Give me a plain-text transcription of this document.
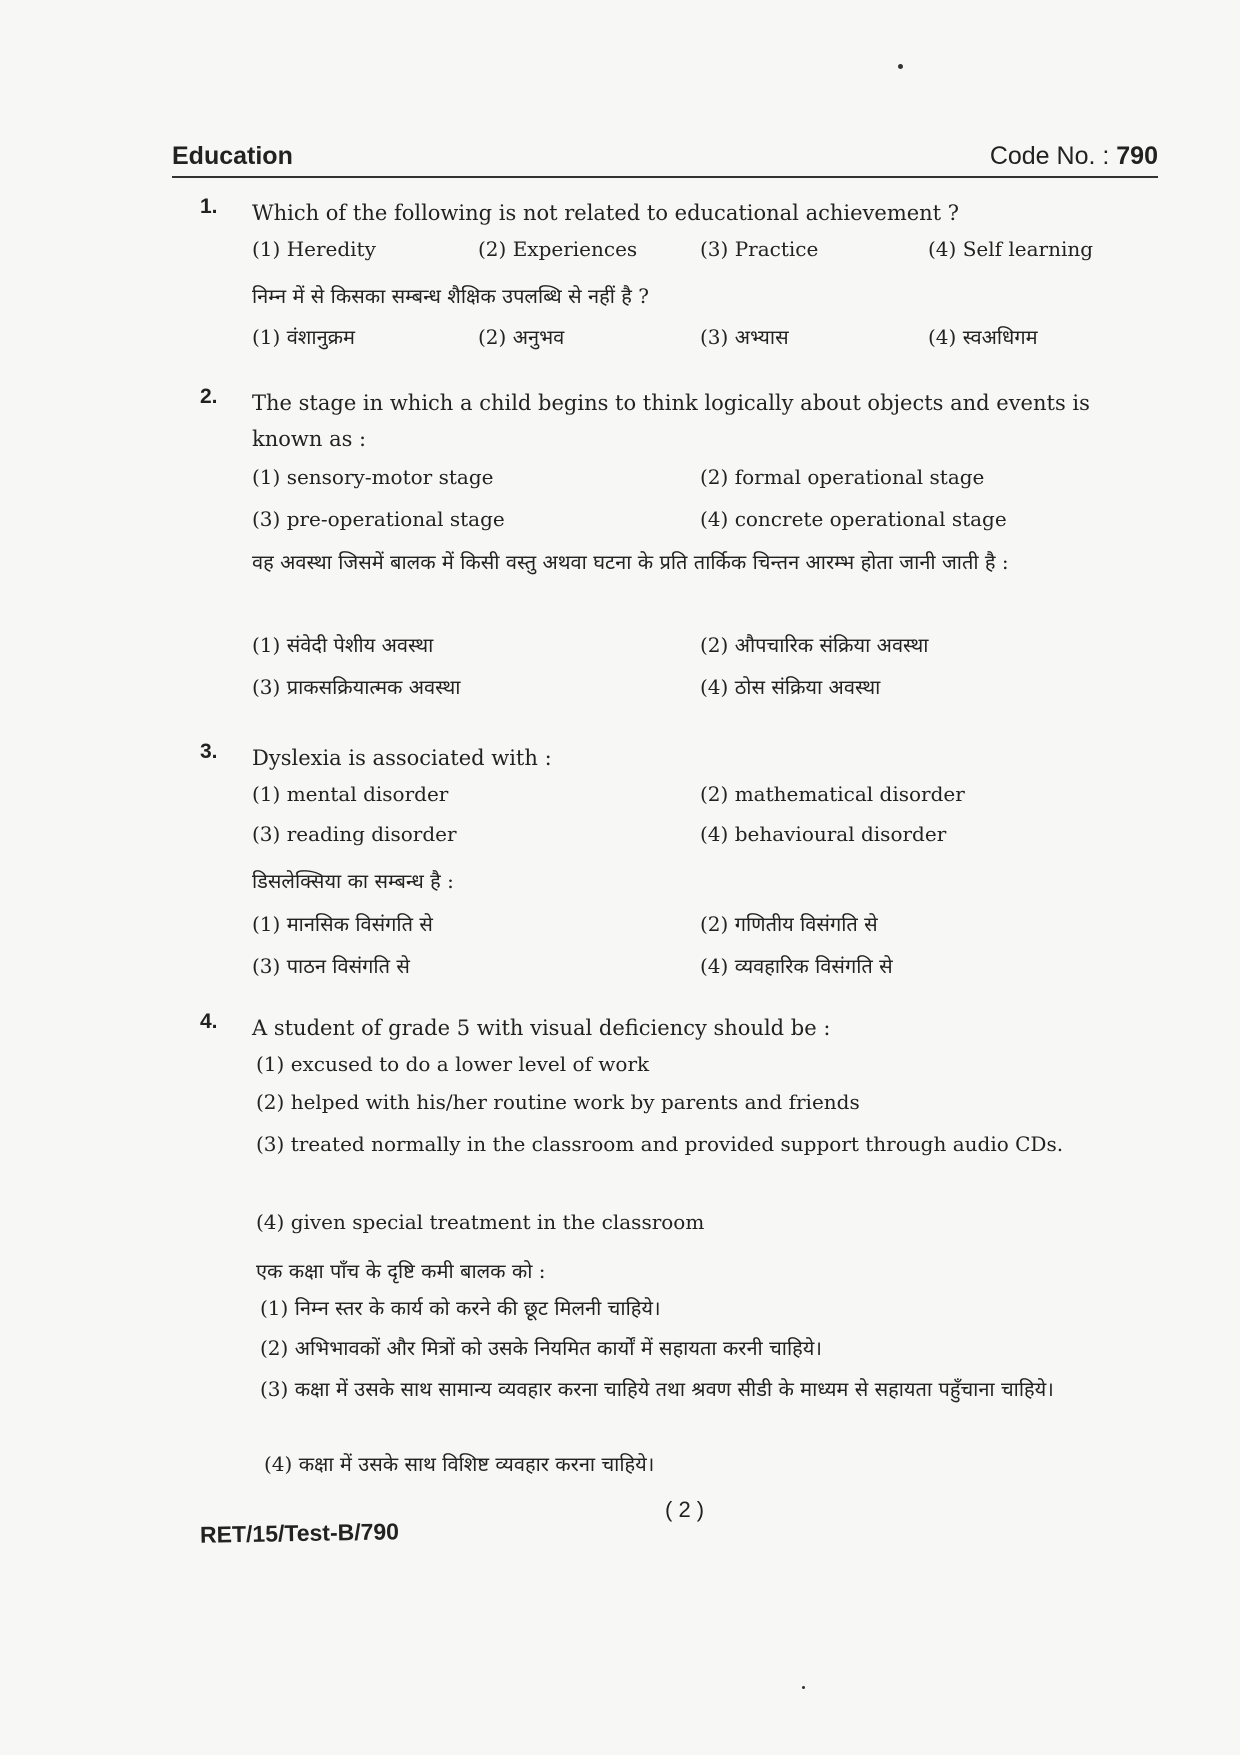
Education	Code No. : 790
1. Which of the following is not related to educational achievement ?
(1) Heredity	(2) Experiences	(3) Practice	(4) Self learning
निम्न में से किसका सम्बन्ध शैक्षिक उपलब्धि से नहीं है ?
(1) वंशानुक्रम	(2) अनुभव	(3) अभ्यास	(4) स्वअधिगम
2. The stage in which a child begins to think logically about objects and events is known as :
(1) sensory-motor stage	(2) formal operational stage
(3) pre-operational stage	(4) concrete operational stage
वह अवस्था जिसमें बालक में किसी वस्तु अथवा घटना के प्रति तार्किक चिन्तन आरम्भ होता जानी जाती है :
(1) संवेदी पेशीय अवस्था	(2) औपचारिक संक्रिया अवस्था
(3) प्राकसक्रियात्मक अवस्था	(4) ठोस संक्रिया अवस्था
3. Dyslexia is associated with :
(1) mental disorder	(2) mathematical disorder
(3) reading disorder	(4) behavioural disorder
डिसलेक्सिया का सम्बन्ध है :
(1) मानसिक विसंगति से	(2) गणितीय विसंगति से
(3) पाठन विसंगति से	(4) व्यवहारिक विसंगति से
4. A student of grade 5 with visual deficiency should be :
(1) excused to do a lower level of work
(2) helped with his/her routine work by parents and friends
(3) treated normally in the classroom and provided support through audio CDs.
(4) given special treatment in the classroom
एक कक्षा पाँच के दृष्टि कमी बालक को :
(1) निम्न स्तर के कार्य को करने की छूट मिलनी चाहिये।
(2) अभिभावकों और मित्रों को उसके नियमित कार्यों में सहायता करनी चाहिये।
(3) कक्षा में उसके साथ सामान्य व्यवहार करना चाहिये तथा श्रवण सीडी के माध्यम से सहायता पहुँचाना चाहिये।
(4) कक्षा में उसके साथ विशिष्ट व्यवहार करना चाहिये।
( 2 )
RET/15/Test-B/790
